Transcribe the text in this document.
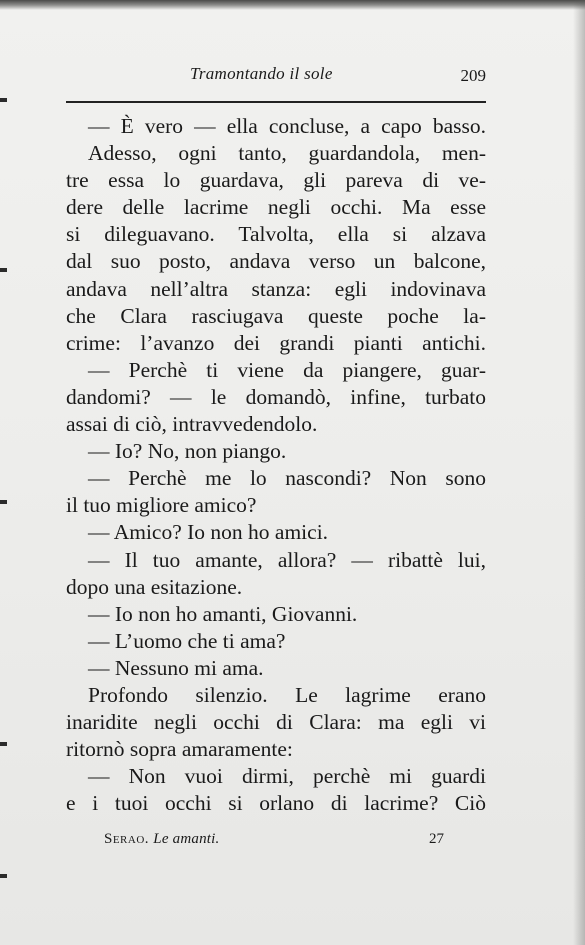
Tramontando il sole	209
— È vero — ella concluse, a capo basso.
Adesso, ogni tanto, guardandola, men-
tre essa lo guardava, gli pareva di ve-
dere delle lacrime negli occhi. Ma esse
si dileguavano. Talvolta, ella si alzava
dal suo posto, andava verso un balcone,
andava nell’altra stanza: egli indovinava
che Clara rasciugava queste poche la-
crime: l’avanzo dei grandi pianti antichi.
— Perchè ti viene da piangere, guar-
dandomi? — le domandò, infine, turbato
assai di ciò, intravvedendolo.
— Io? No, non piango.
— Perchè me lo nascondi? Non sono
il tuo migliore amico?
— Amico? Io non ho amici.
— Il tuo amante, allora? — ribattè lui,
dopo una esitazione.
— Io non ho amanti, Giovanni.
— L’uomo che ti ama?
— Nessuno mi ama.
Profondo silenzio. Le lagrime erano
inaridite negli occhi di Clara: ma egli vi
ritornò sopra amaramente:
— Non vuoi dirmi, perchè mi guardi
e i tuoi occhi si orlano di lacrime? Ciò
Serao. Le amanti.	27
